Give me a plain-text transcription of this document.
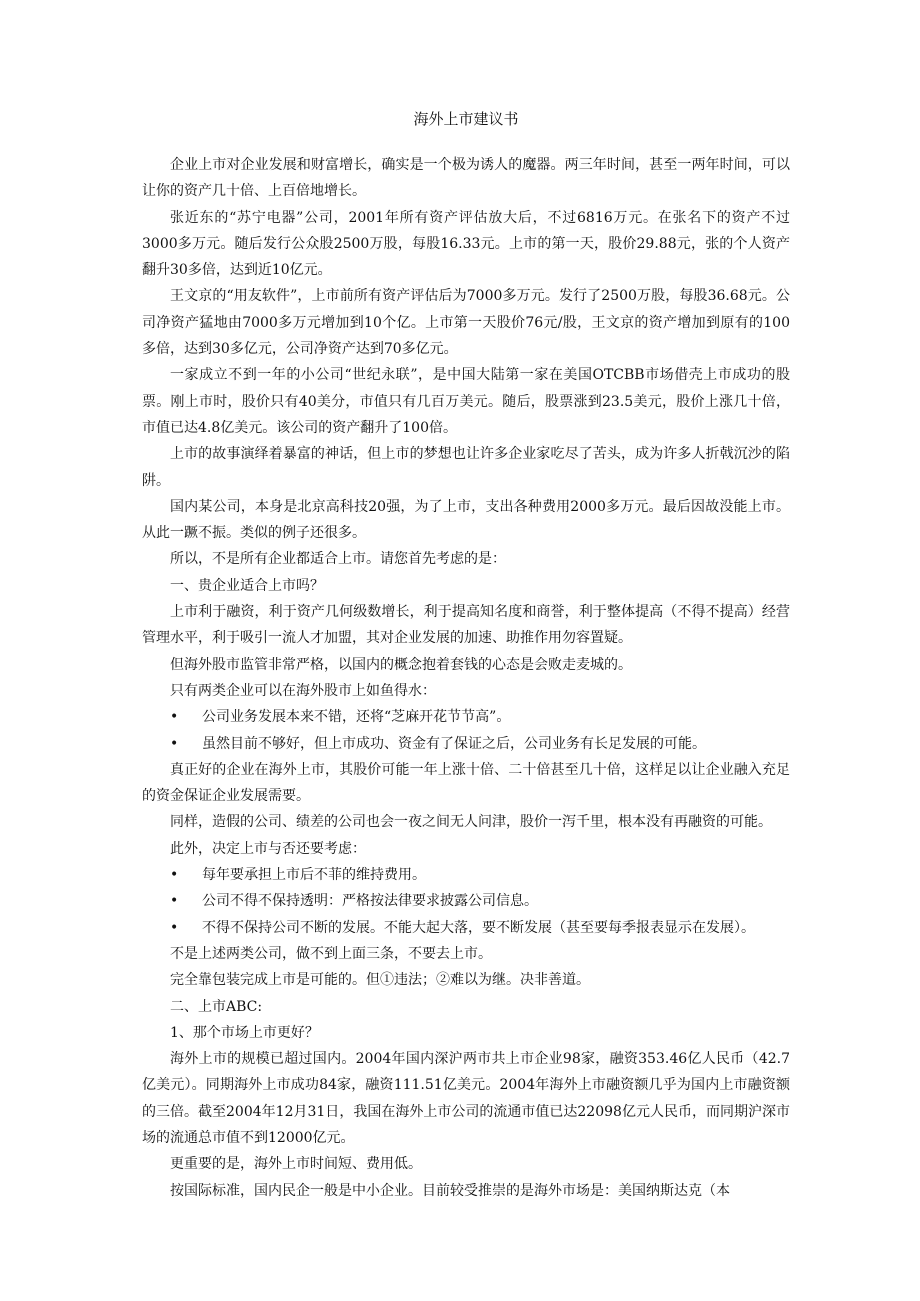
海外上市建议书

企业上市对企业发展和财富增长，确实是一个极为诱人的魔器。两三年时间，甚至一两年时间，可以让你的资产几十倍、上百倍地增长。

张近东的“苏宁电器”公司，2001年所有资产评估放大后，不过6816万元。在张名下的资产不过3000多万元。随后发行公众股2500万股，每股16.33元。上市的第一天，股价29.88元，张的个人资产翻升30多倍，达到近10亿元。

王文京的“用友软件”，上市前所有资产评估后为7000多万元。发行了2500万股，每股36.68元。公司净资产猛地由7000多万元增加到10个亿。上市第一天股价76元/股，王文京的资产增加到原有的100多倍，达到30多亿元，公司净资产达到70多亿元。

一家成立不到一年的小公司“世纪永联”，是中国大陆第一家在美国OTCBB市场借壳上市成功的股票。刚上市时，股价只有40美分，市值只有几百万美元。随后，股票涨到23.5美元，股价上涨几十倍，市值已达4.8亿美元。该公司的资产翻升了100倍。

上市的故事演绎着暴富的神话，但上市的梦想也让许多企业家吃尽了苦头，成为许多人折戟沉沙的陷阱。

国内某公司，本身是北京高科技20强，为了上市，支出各种费用2000多万元。最后因故没能上市。从此一蹶不振。类似的例子还很多。

所以，不是所有企业都适合上市。请您首先考虑的是：

一、贵企业适合上市吗？

上市利于融资，利于资产几何级数增长，利于提高知名度和商誉，利于整体提高（不得不提高）经营管理水平，利于吸引一流人才加盟，其对企业发展的加速、助推作用勿容置疑。

但海外股市监管非常严格，以国内的概念抱着套钱的心态是会败走麦城的。

只有两类企业可以在海外股市上如鱼得水：

• 公司业务发展本来不错，还将“芝麻开花节节高”。

• 虽然目前不够好，但上市成功、资金有了保证之后，公司业务有长足发展的可能。

真正好的企业在海外上市，其股价可能一年上涨十倍、二十倍甚至几十倍，这样足以让企业融入充足的资金保证企业发展需要。

同样，造假的公司、绩差的公司也会一夜之间无人问津，股价一泻千里，根本没有再融资的可能。

此外，决定上市与否还要考虑：

• 每年要承担上市后不菲的维持费用。

• 公司不得不保持透明：严格按法律要求披露公司信息。

• 不得不保持公司不断的发展。不能大起大落，要不断发展（甚至要每季报表显示在发展）。

不是上述两类公司，做不到上面三条，不要去上市。

完全靠包装完成上市是可能的。但①违法；②难以为继。决非善道。

二、上市ABC:

1、那个市场上市更好？

海外上市的规模已超过国内。2004年国内深沪两市共上市企业98家，融资353.46亿人民币（42.7亿美元）。同期海外上市成功84家，融资111.51亿美元。2004年海外上市融资额几乎为国内上市融资额的三倍。截至2004年12月31日，我国在海外上市公司的流通市值已达22098亿元人民币，而同期沪深市场的流通总市值不到12000亿元。

更重要的是，海外上市时间短、费用低。

按国际标准，国内民企一般是中小企业。目前较受推崇的是海外市场是：美国纳斯达克（本
